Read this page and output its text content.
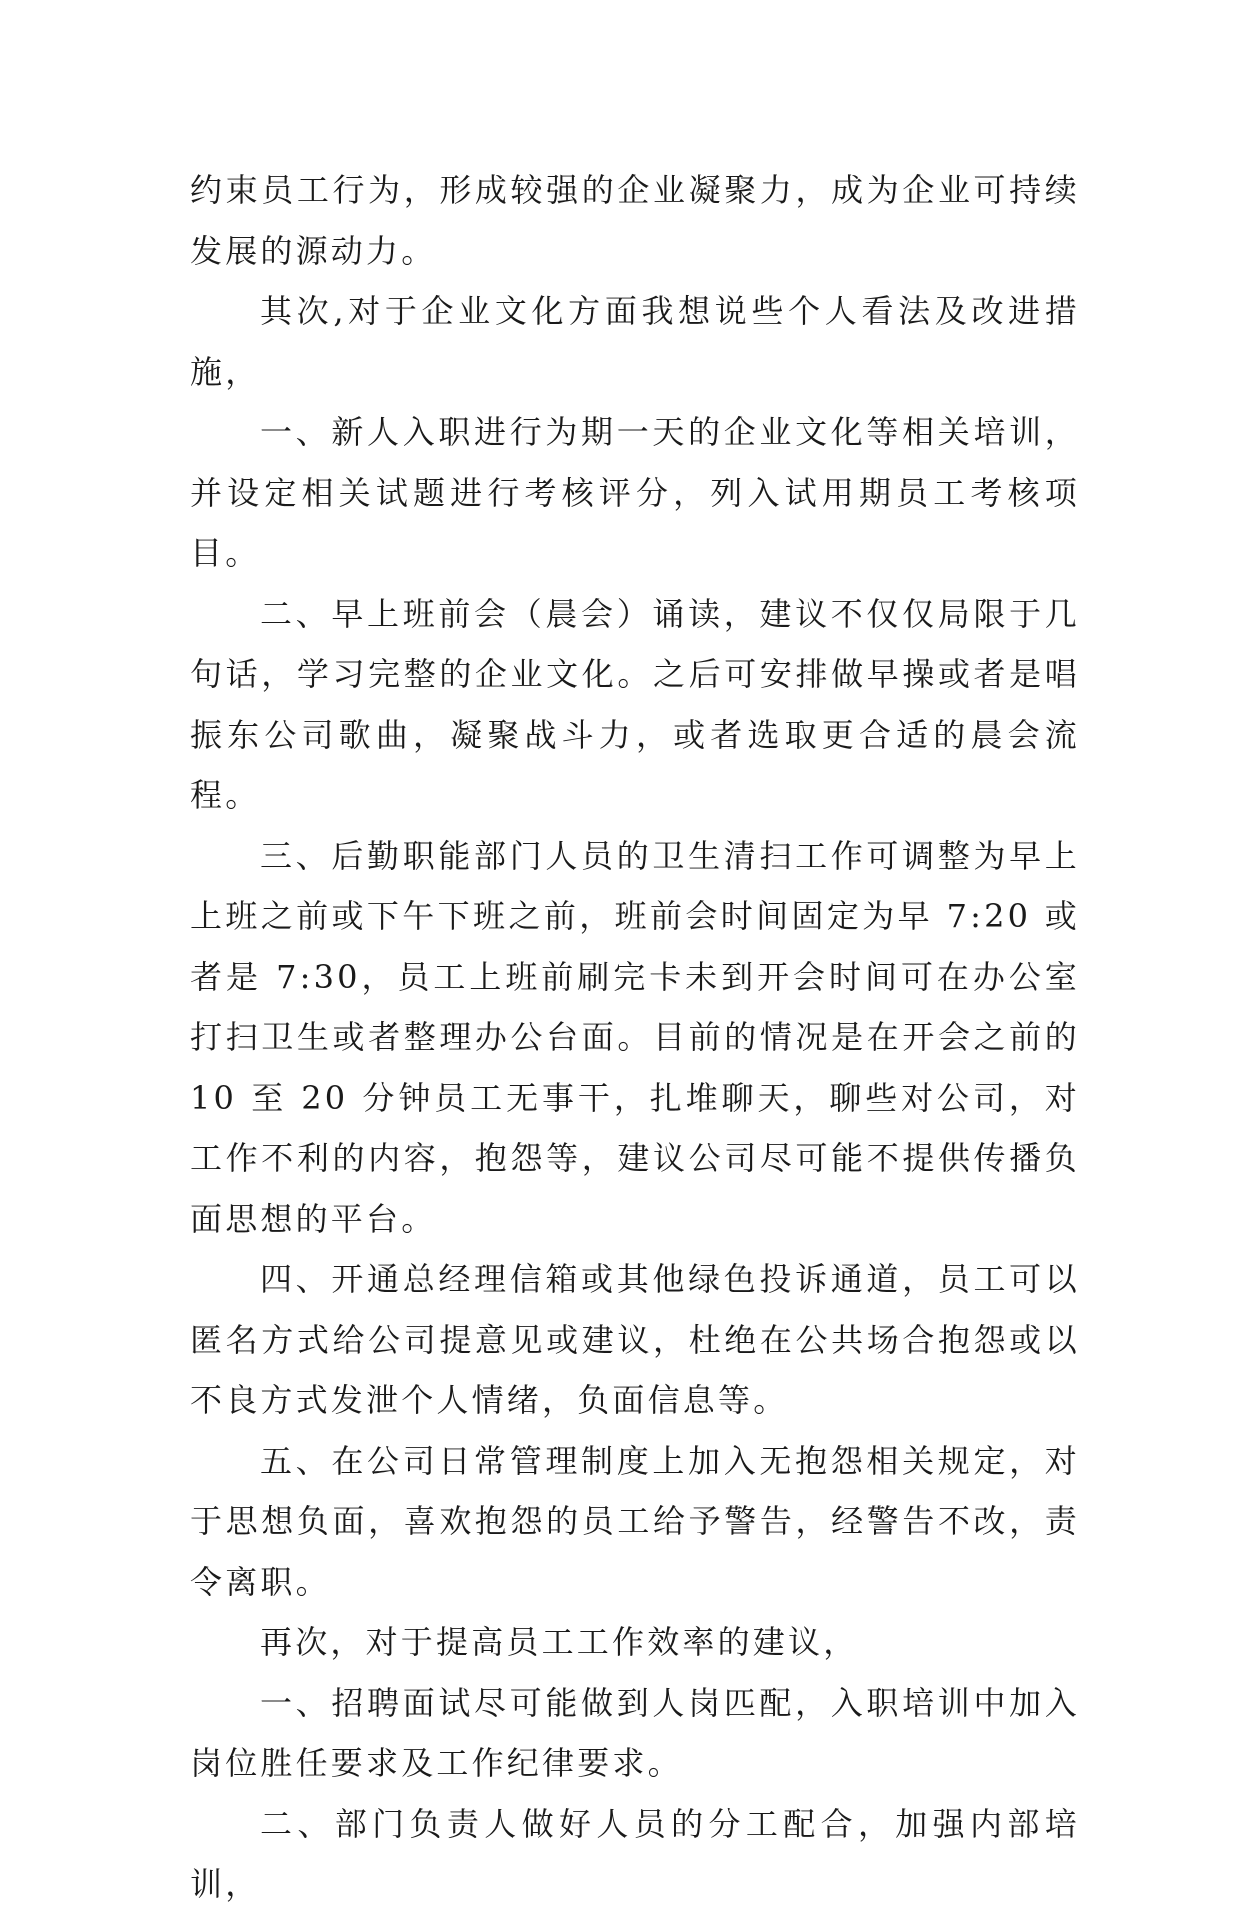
约束员工行为，形成较强的企业凝聚力，成为企业可持续发展的源动力。

其次,对于企业文化方面我想说些个人看法及改进措施，

一、新人入职进行为期一天的企业文化等相关培训，并设定相关试题进行考核评分，列入试用期员工考核项目。

二、早上班前会（晨会）诵读，建议不仅仅局限于几句话，学习完整的企业文化。之后可安排做早操或者是唱振东公司歌曲，凝聚战斗力，或者选取更合适的晨会流程。

三、后勤职能部门人员的卫生清扫工作可调整为早上上班之前或下午下班之前，班前会时间固定为早 7:20 或者是 7:30，员工上班前刷完卡未到开会时间可在办公室打扫卫生或者整理办公台面。目前的情况是在开会之前的 10 至 20 分钟员工无事干，扎堆聊天，聊些对公司，对工作不利的内容，抱怨等，建议公司尽可能不提供传播负面思想的平台。

四、开通总经理信箱或其他绿色投诉通道，员工可以匿名方式给公司提意见或建议，杜绝在公共场合抱怨或以不良方式发泄个人情绪，负面信息等。

五、在公司日常管理制度上加入无抱怨相关规定，对于思想负面，喜欢抱怨的员工给予警告，经警告不改，责令离职。

再次，对于提高员工工作效率的建议，

一、招聘面试尽可能做到人岗匹配，入职培训中加入岗位胜任要求及工作纪律要求。

二、部门负责人做好人员的分工配合，加强内部培训，
